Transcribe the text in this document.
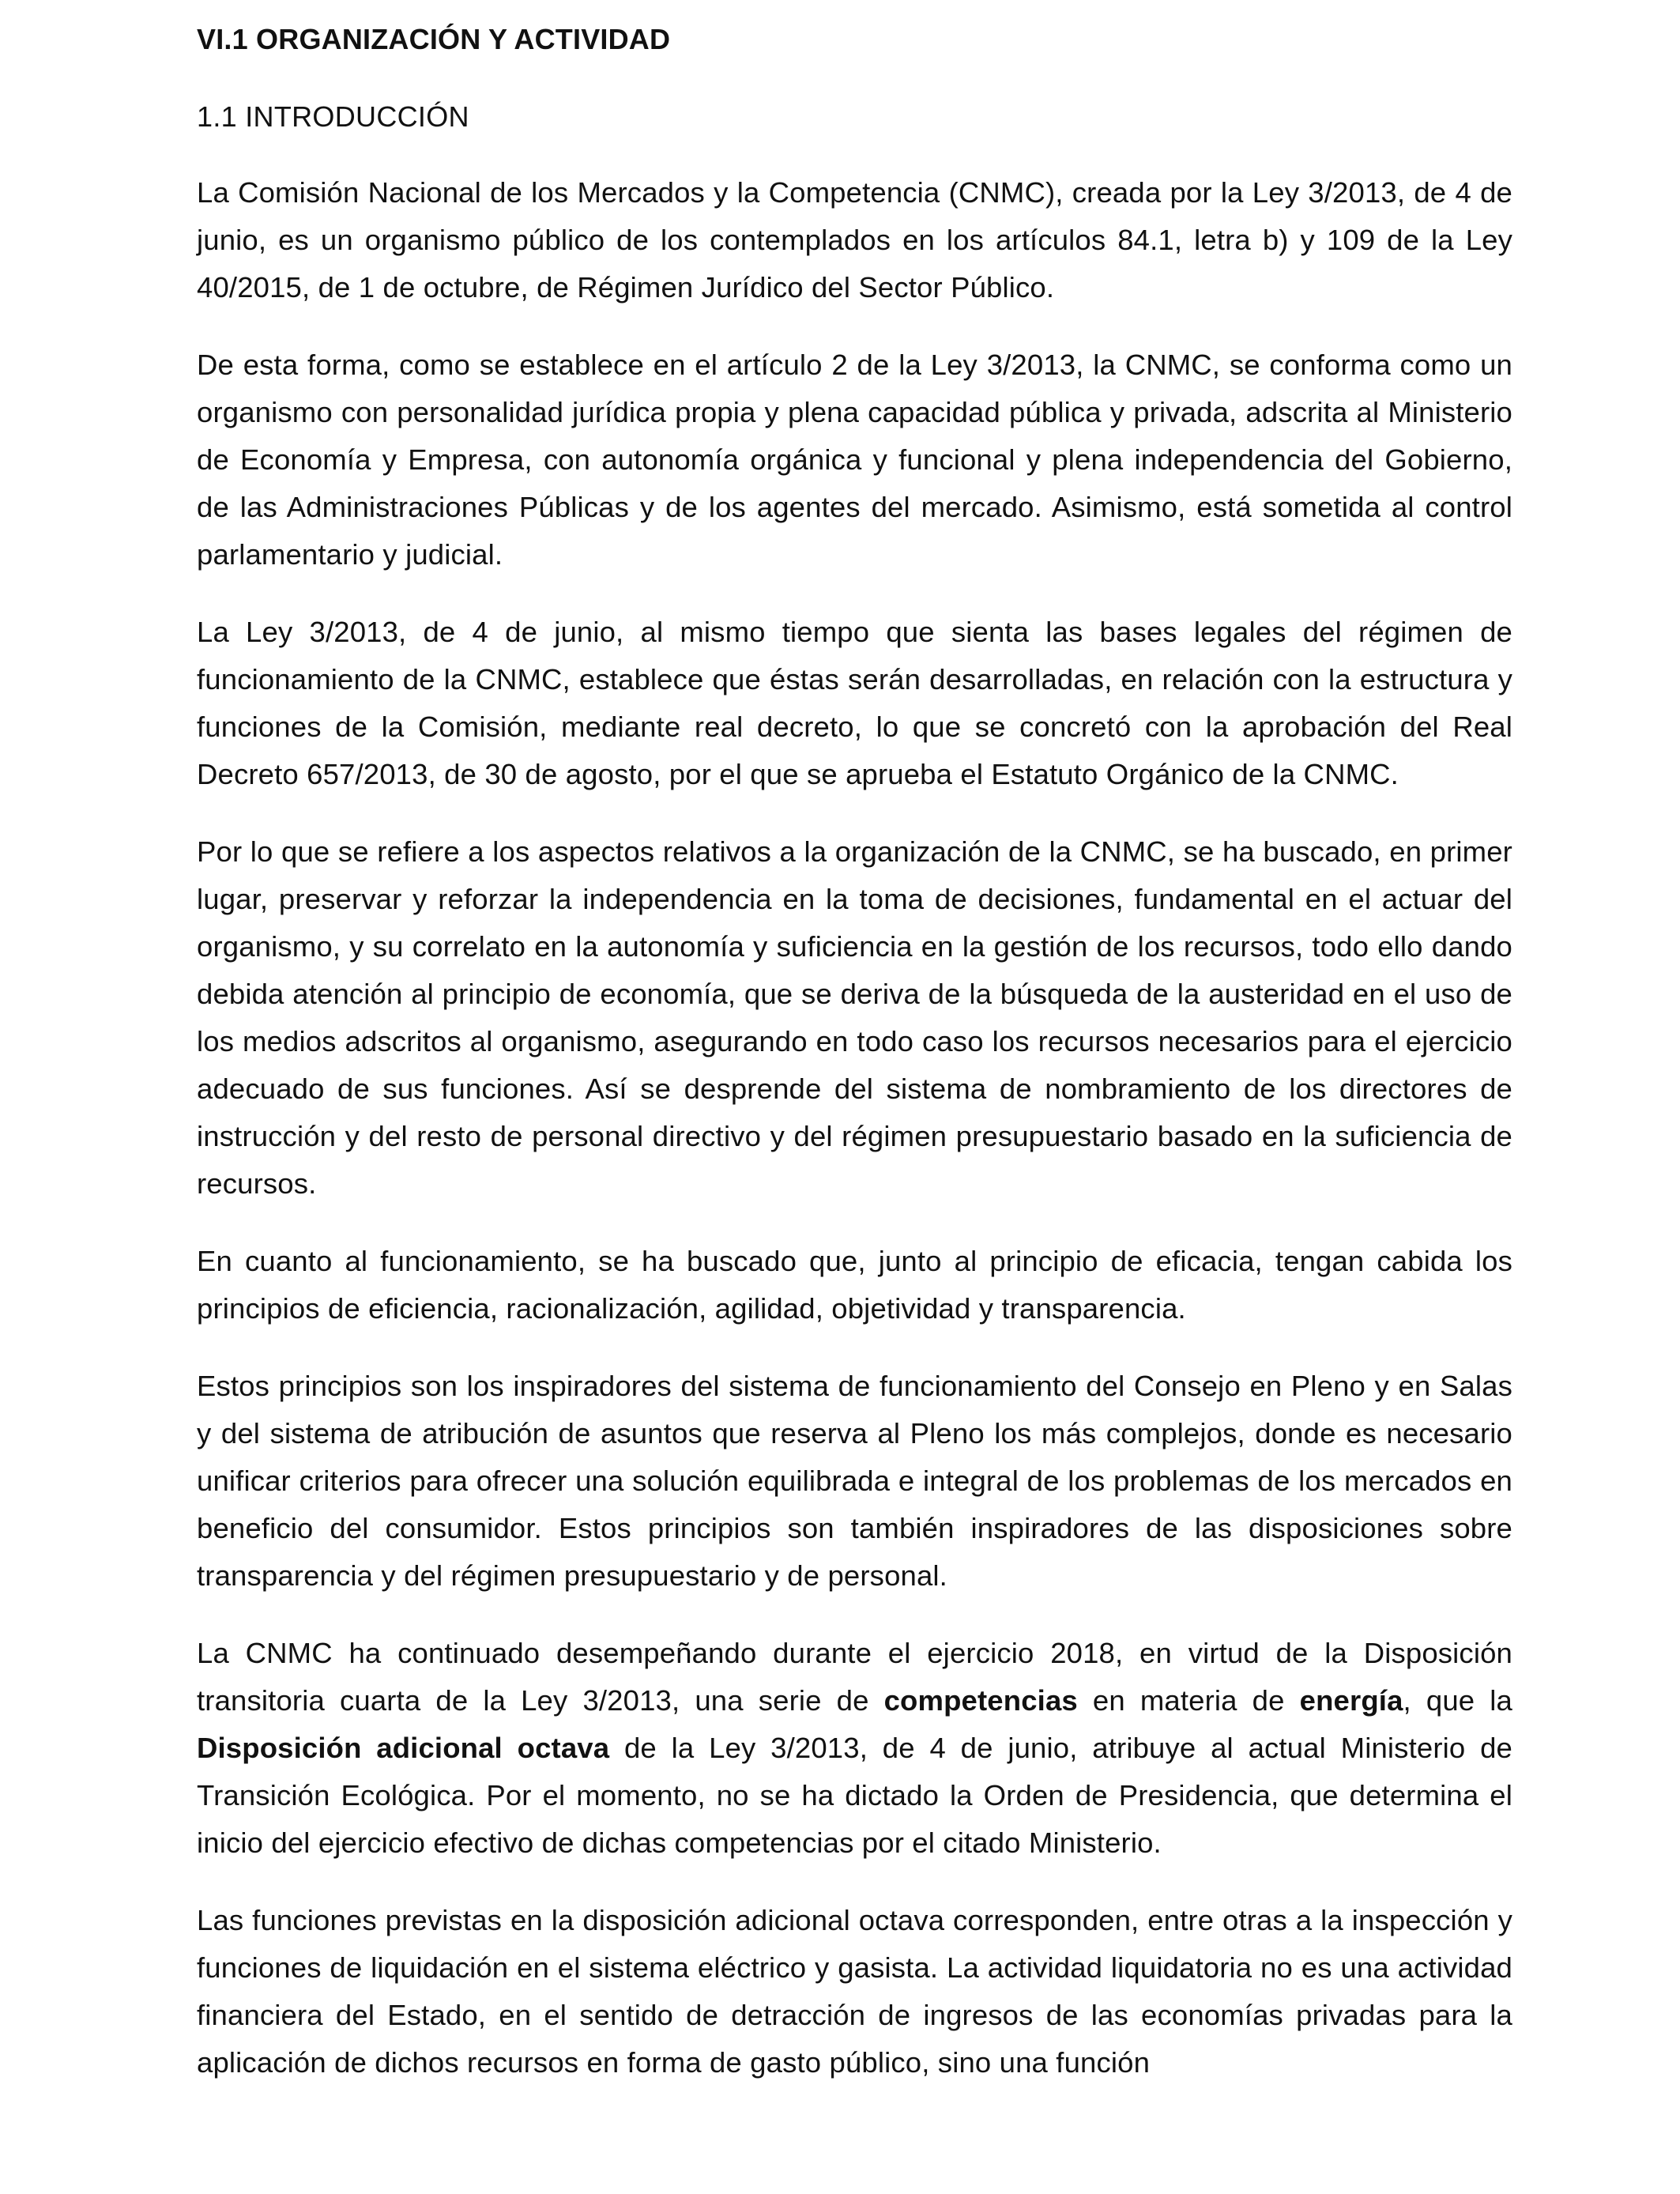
VI.1 ORGANIZACIÓN Y ACTIVIDAD
1.1 INTRODUCCIÓN

La Comisión Nacional de los Mercados y la Competencia (CNMC), creada por la Ley 3/2013, de 4 de junio, es un organismo público de los contemplados en los artículos 84.1, letra b) y 109 de la Ley 40/2015, de 1 de octubre, de Régimen Jurídico del Sector Público.

De esta forma, como se establece en el artículo 2 de la Ley 3/2013, la CNMC, se conforma como un organismo con personalidad jurídica propia y plena capacidad pública y privada, adscrita al Ministerio de Economía y Empresa, con autonomía orgánica y funcional y plena independencia del Gobierno, de las Administraciones Públicas y de los agentes del mercado. Asimismo, está sometida al control parlamentario y judicial.

La Ley 3/2013, de 4 de junio, al mismo tiempo que sienta las bases legales del régimen de funcionamiento de la CNMC, establece que éstas serán desarrolladas, en relación con la estructura y funciones de la Comisión, mediante real decreto, lo que se concretó con la aprobación del Real Decreto 657/2013, de 30 de agosto, por el que se aprueba el Estatuto Orgánico de la CNMC.

Por lo que se refiere a los aspectos relativos a la organización de la CNMC, se ha buscado, en primer lugar, preservar y reforzar la independencia en la toma de decisiones, fundamental en el actuar del organismo, y su correlato en la autonomía y suficiencia en la gestión de los recursos, todo ello dando debida atención al principio de economía, que se deriva de la búsqueda de la austeridad en el uso de los medios adscritos al organismo, asegurando en todo caso los recursos necesarios para el ejercicio adecuado de sus funciones. Así se desprende del sistema de nombramiento de los directores de instrucción y del resto de personal directivo y del régimen presupuestario basado en la suficiencia de recursos.

En cuanto al funcionamiento, se ha buscado que, junto al principio de eficacia, tengan cabida los principios de eficiencia, racionalización, agilidad, objetividad y transparencia.

Estos principios son los inspiradores del sistema de funcionamiento del Consejo en Pleno y en Salas y del sistema de atribución de asuntos que reserva al Pleno los más complejos, donde es necesario unificar criterios para ofrecer una solución equilibrada e integral de los problemas de los mercados en beneficio del consumidor. Estos principios son también inspiradores de las disposiciones sobre transparencia y del régimen presupuestario y de personal.

La CNMC ha continuado desempeñando durante el ejercicio 2018, en virtud de la Disposición transitoria cuarta de la Ley 3/2013, una serie de competencias en materia de energía, que la Disposición adicional octava de la Ley 3/2013, de 4 de junio, atribuye al actual Ministerio de Transición Ecológica. Por el momento, no se ha dictado la Orden de Presidencia, que determina el inicio del ejercicio efectivo de dichas competencias por el citado Ministerio.

Las funciones previstas en la disposición adicional octava corresponden, entre otras a la inspección y funciones de liquidación en el sistema eléctrico y gasista. La actividad liquidatoria no es una actividad financiera del Estado, en el sentido de detracción de ingresos de las economías privadas para la aplicación de dichos recursos en forma de gasto público, sino una función
